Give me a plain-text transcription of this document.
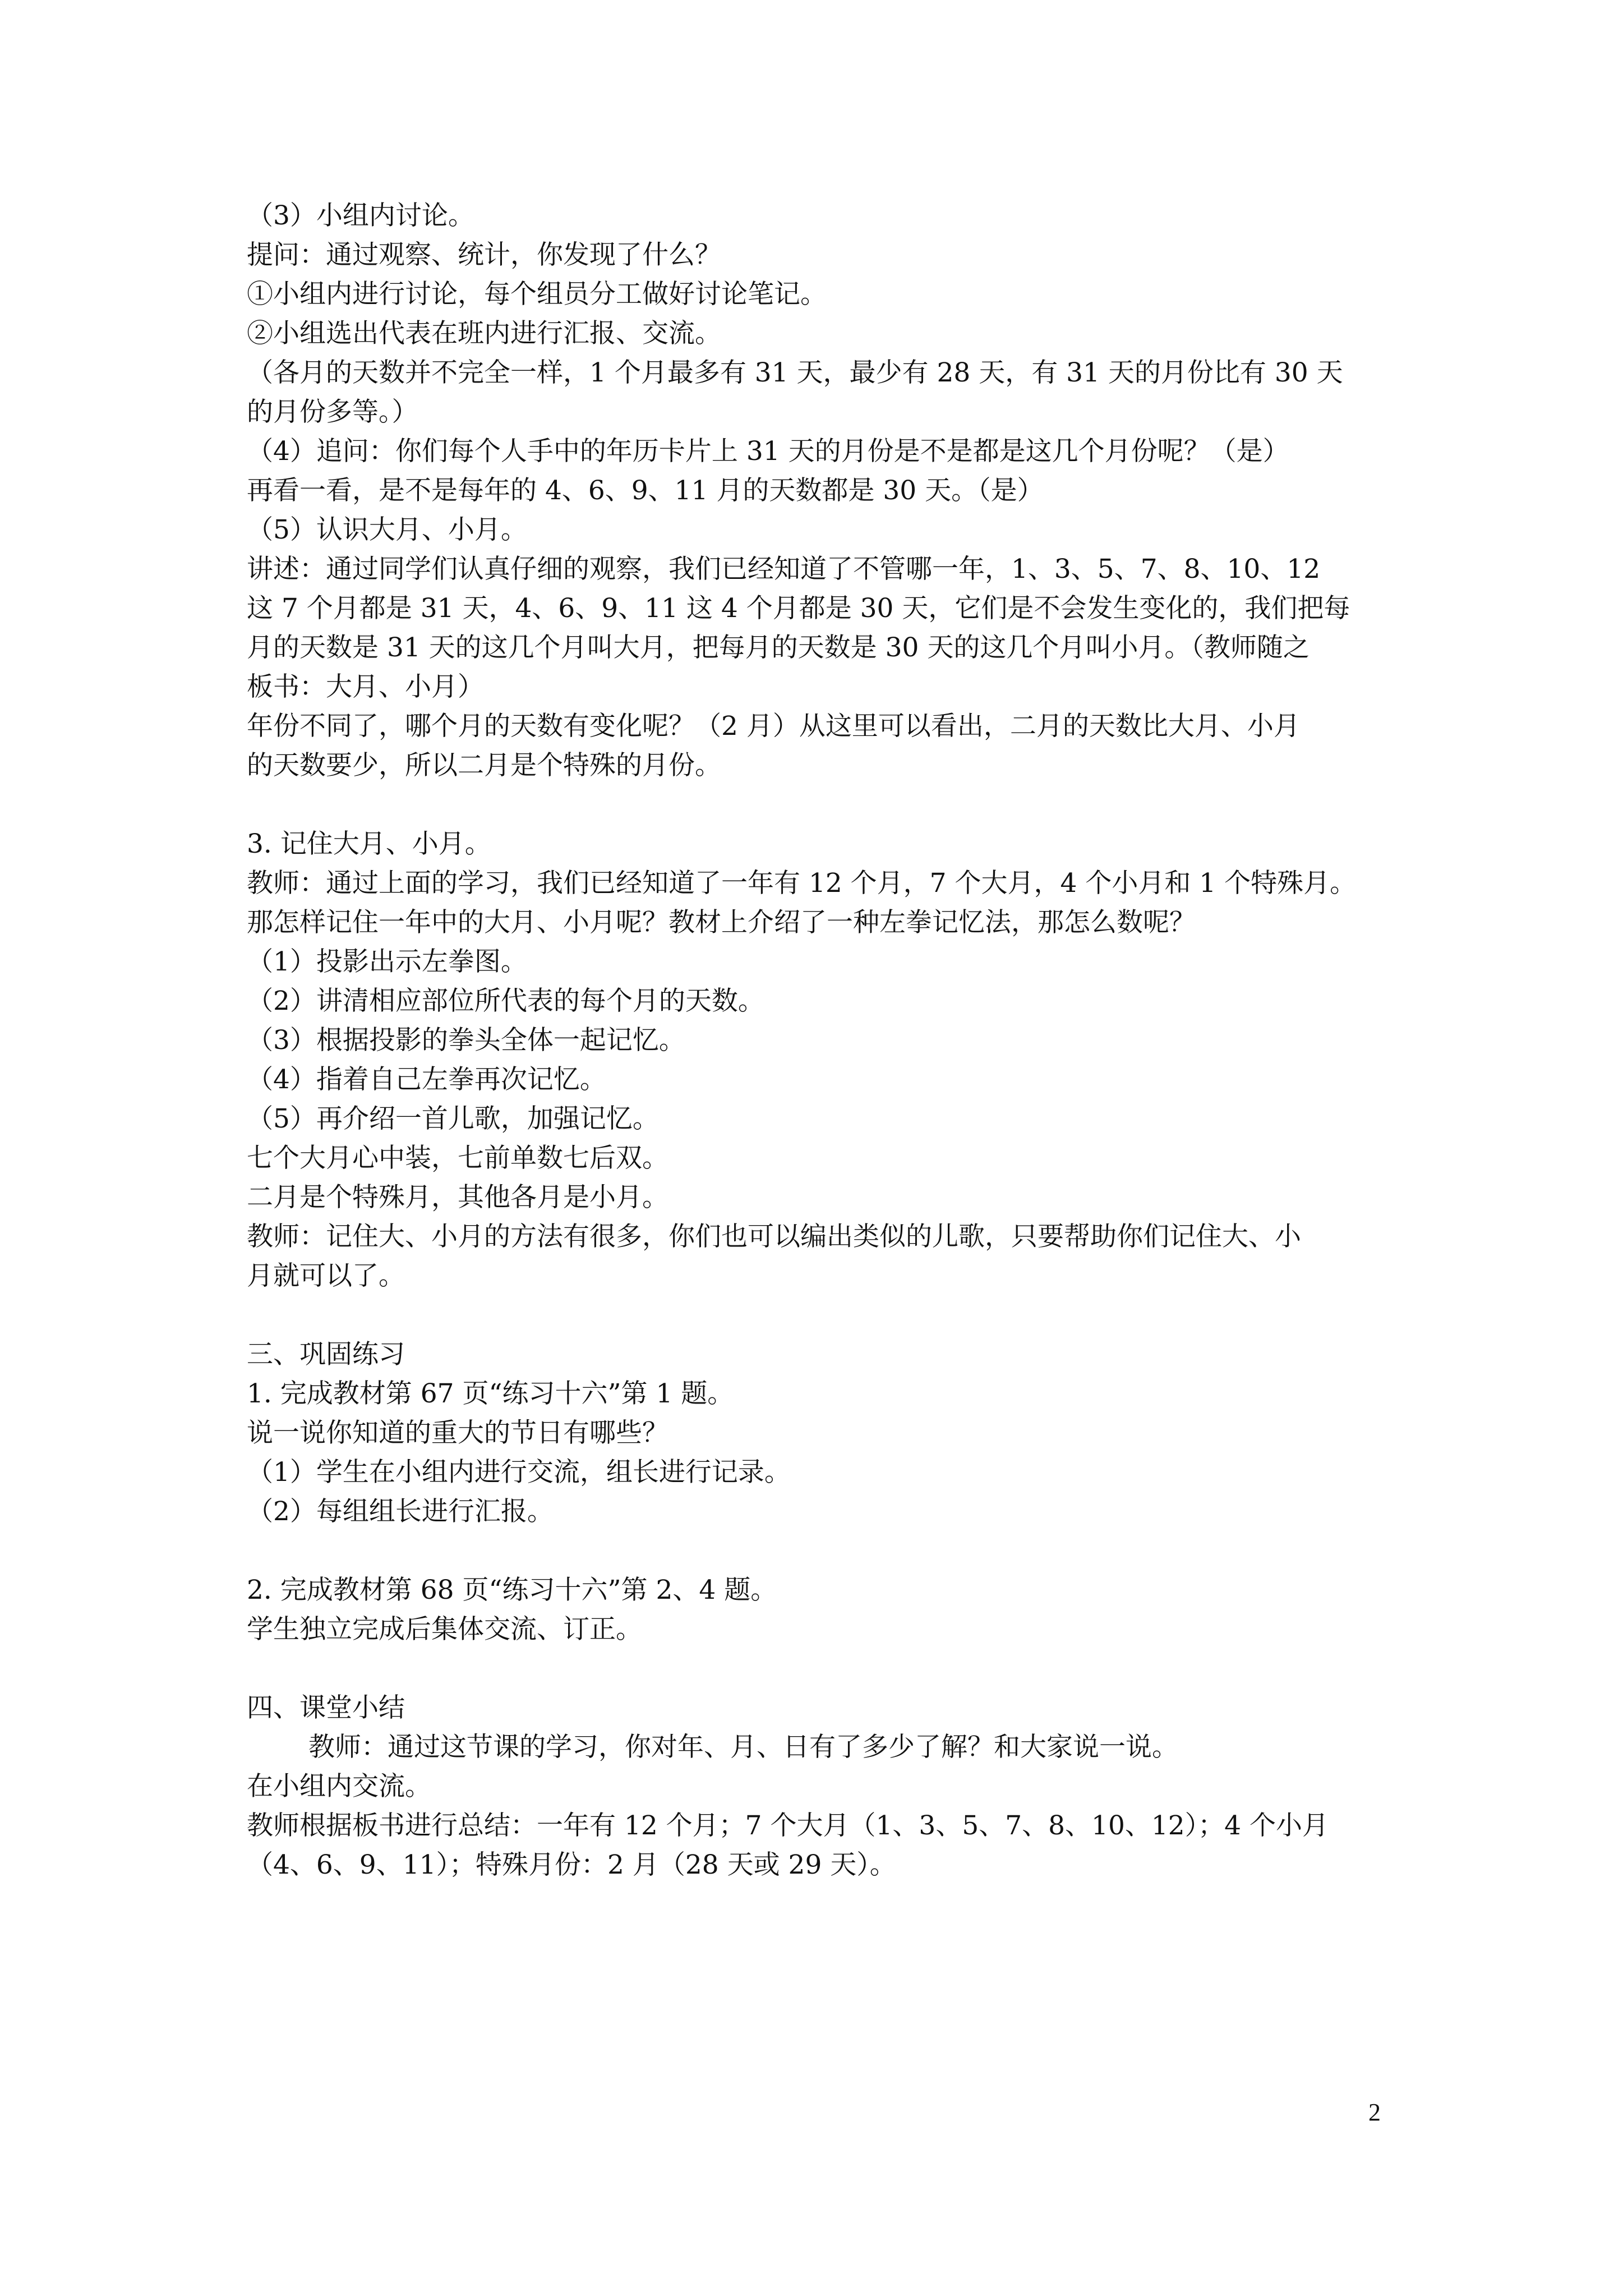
（3）小组内讨论。

提问：通过观察、统计，你发现了什么？

①小组内进行讨论，每个组员分工做好讨论笔记。

②小组选出代表在班内进行汇报、交流。

（各月的天数并不完全一样，1 个月最多有 31 天，最少有 28 天，有 31 天的月份比有 30 天

的月份多等。）

（4）追问：你们每个人手中的年历卡片上 31 天的月份是不是都是这几个月份呢？（是）

再看一看，是不是每年的 4、6、9、11 月的天数都是 30 天。（是）

（5）认识大月、小月。

讲述：通过同学们认真仔细的观察，我们已经知道了不管哪一年，1、3、5、7、8、10、12

这 7 个月都是 31 天，4、6、9、11 这 4 个月都是 30 天，它们是不会发生变化的，我们把每

月的天数是 31 天的这几个月叫大月，把每月的天数是 30 天的这几个月叫小月。（教师随之

板书：大月、小月）

年份不同了，哪个月的天数有变化呢？（2 月）从这里可以看出，二月的天数比大月、小月

的天数要少，所以二月是个特殊的月份。

3. 记住大月、小月。

教师：通过上面的学习，我们已经知道了一年有 12 个月，7 个大月，4 个小月和 1 个特殊月。

那怎样记住一年中的大月、小月呢？教材上介绍了一种左拳记忆法，那怎么数呢？

（1）投影出示左拳图。

（2）讲清相应部位所代表的每个月的天数。

（3）根据投影的拳头全体一起记忆。

（4）指着自己左拳再次记忆。

（5）再介绍一首儿歌，加强记忆。

七个大月心中装，七前单数七后双。

二月是个特殊月，其他各月是小月。

教师：记住大、小月的方法有很多，你们也可以编出类似的儿歌，只要帮助你们记住大、小

月就可以了。

三、巩固练习

1. 完成教材第 67 页“练习十六”第 1 题。

说一说你知道的重大的节日有哪些？

（1）学生在小组内进行交流，组长进行记录。

（2）每组组长进行汇报。

2. 完成教材第 68 页“练习十六”第 2、4 题。

学生独立完成后集体交流、订正。

四、课堂小结

教师：通过这节课的学习，你对年、月、日有了多少了解？和大家说一说。

在小组内交流。

教师根据板书进行总结：一年有 12 个月；7 个大月（1、3、5、7、8、10、12）；4 个小月

（4、6、9、11）；特殊月份：2 月（28 天或 29 天）。

2
